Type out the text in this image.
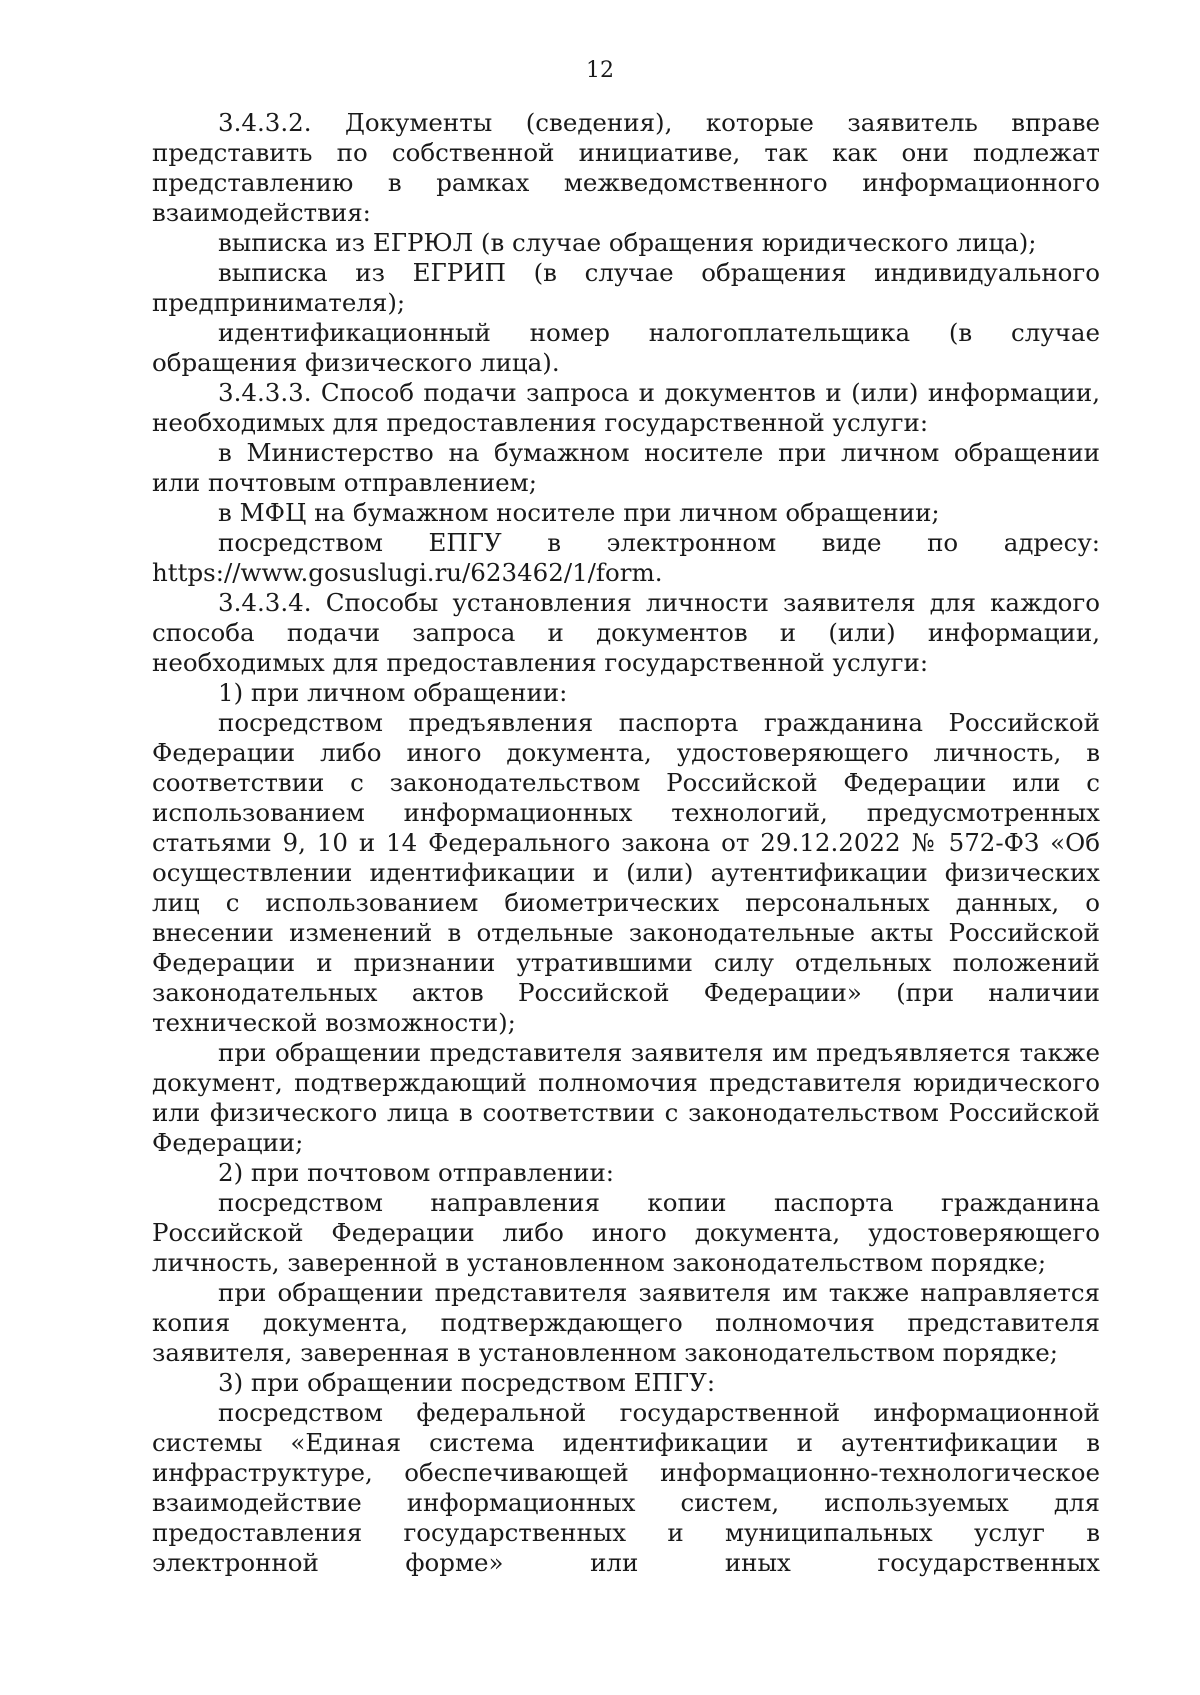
12

3.4.3.2. Документы (сведения), которые заявитель вправе представить по собственной инициативе, так как они подлежат представлению в рамках межведомственного информационного взаимодействия:

выписка из ЕГРЮЛ (в случае обращения юридического лица);

выписка из ЕГРИП (в случае обращения индивидуального предпринимателя);

идентификационный номер налогоплательщика (в случае обращения физического лица).

3.4.3.3. Способ подачи запроса и документов и (или) информации, необходимых для предоставления государственной услуги:

в Министерство на бумажном носителе при личном обращении или почтовым отправлением;

в МФЦ на бумажном носителе при личном обращении;

посредством ЕПГУ в электронном виде по адресу: https://www.gosuslugi.ru/623462/1/form.

3.4.3.4. Способы установления личности заявителя для каждого способа подачи запроса и документов и (или) информации, необходимых для предоставления государственной услуги:

1) при личном обращении:

посредством предъявления паспорта гражданина Российской Федерации либо иного документа, удостоверяющего личность, в соответствии с законодательством Российской Федерации или с использованием информационных технологий, предусмотренных статьями 9, 10 и 14 Федерального закона от 29.12.2022 № 572-ФЗ «Об осуществлении идентификации и (или) аутентификации физических лиц с использованием биометрических персональных данных, о внесении изменений в отдельные законодательные акты Российской Федерации и признании утратившими силу отдельных положений законодательных актов Российской Федерации» (при наличии технической возможности);

при обращении представителя заявителя им предъявляется также документ, подтверждающий полномочия представителя юридического или физического лица в соответствии с законодательством Российской Федерации;

2) при почтовом отправлении:

посредством направления копии паспорта гражданина Российской Федерации либо иного документа, удостоверяющего личность, заверенной в установленном законодательством порядке;

при обращении представителя заявителя им также направляется копия документа, подтверждающего полномочия представителя заявителя, заверенная в установленном законодательством порядке;

3) при обращении посредством ЕПГУ:

посредством федеральной государственной информационной системы «Единая система идентификации и аутентификации в инфраструктуре, обеспечивающей информационно-технологическое взаимодействие информационных систем, используемых для предоставления государственных и муниципальных услуг в электронной форме» или иных государственных
